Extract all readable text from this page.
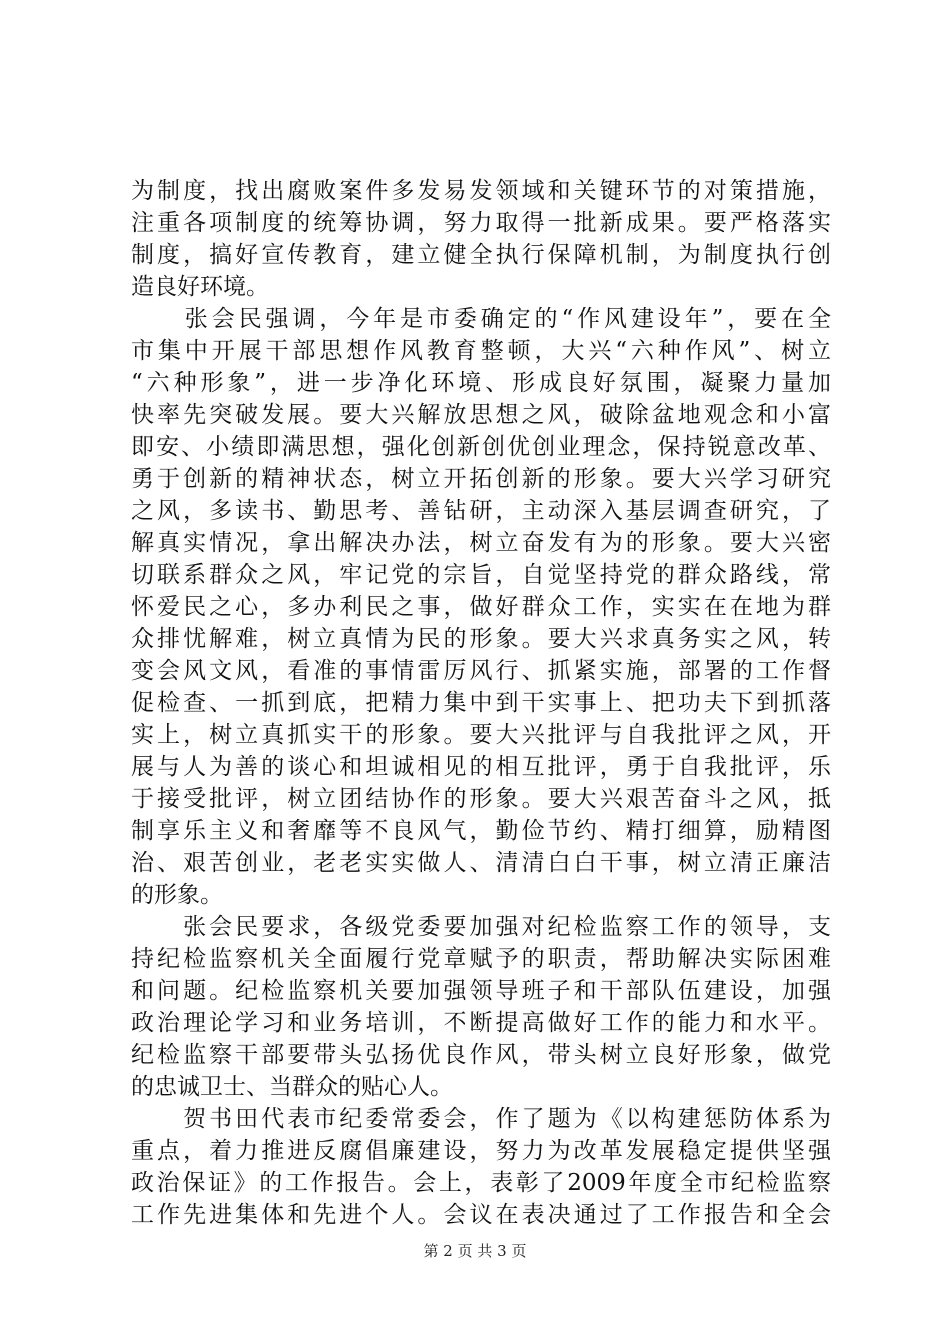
为制度，找出腐败案件多发易发领域和关键环节的对策措施，
注重各项制度的统筹协调，努力取得一批新成果。要严格落实
制度，搞好宣传教育，建立健全执行保障机制，为制度执行创
造良好环境。
　　张会民强调，今年是市委确定的“作风建设年”，要在全
市集中开展干部思想作风教育整顿，大兴“六种作风”、树立
“六种形象”，进一步净化环境、形成良好氛围，凝聚力量加
快率先突破发展。要大兴解放思想之风，破除盆地观念和小富
即安、小绩即满思想，强化创新创优创业理念，保持锐意改革、
勇于创新的精神状态，树立开拓创新的形象。要大兴学习研究
之风，多读书、勤思考、善钻研，主动深入基层调查研究，了
解真实情况，拿出解决办法，树立奋发有为的形象。要大兴密
切联系群众之风，牢记党的宗旨，自觉坚持党的群众路线，常
怀爱民之心，多办利民之事，做好群众工作，实实在在地为群
众排忧解难，树立真情为民的形象。要大兴求真务实之风，转
变会风文风，看准的事情雷厉风行、抓紧实施，部署的工作督
促检查、一抓到底，把精力集中到干实事上、把功夫下到抓落
实上，树立真抓实干的形象。要大兴批评与自我批评之风，开
展与人为善的谈心和坦诚相见的相互批评，勇于自我批评，乐
于接受批评，树立团结协作的形象。要大兴艰苦奋斗之风，抵
制享乐主义和奢靡等不良风气，勤俭节约、精打细算，励精图
治、艰苦创业，老老实实做人、清清白白干事，树立清正廉洁
的形象。
　　张会民要求，各级党委要加强对纪检监察工作的领导，支
持纪检监察机关全面履行党章赋予的职责，帮助解决实际困难
和问题。纪检监察机关要加强领导班子和干部队伍建设，加强
政治理论学习和业务培训，不断提高做好工作的能力和水平。
纪检监察干部要带头弘扬优良作风，带头树立良好形象，做党
的忠诚卫士、当群众的贴心人。
　　贺书田代表市纪委常委会，作了题为《以构建惩防体系为
重点，着力推进反腐倡廉建设，努力为改革发展稳定提供坚强
政治保证》的工作报告。会上，表彰了2009年度全市纪检监察
工作先进集体和先进个人。会议在表决通过了工作报告和全会
第 2 页 共 3 页
